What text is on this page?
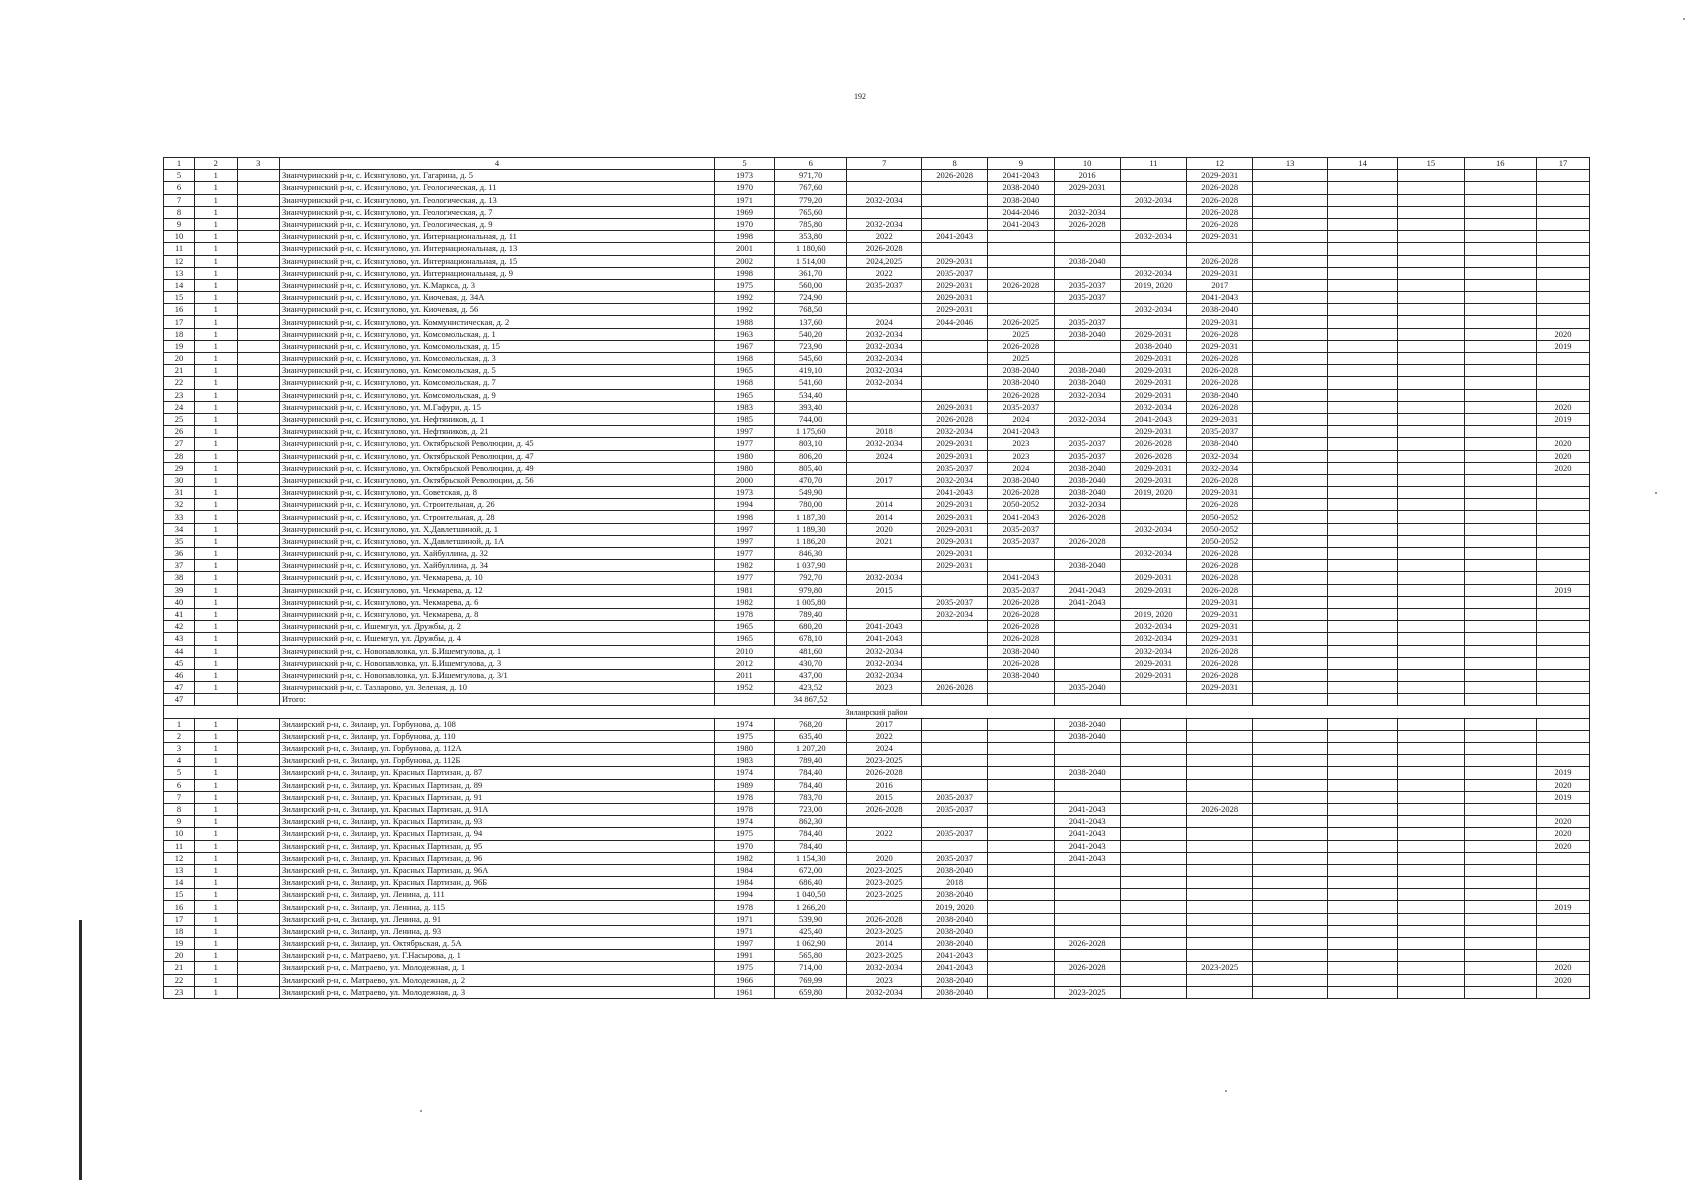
192
1	2	3	4	5	6	7	8	9	10	11	12	13	14	15	16	17
5	1		Зианчуринский р-н, с. Исянгулово, ул. Гагарина, д. 5	1973	971,70		2026-2028	2041-2043	2016		2029-2031					
6	1		Зианчуринский р-н, с. Исянгулово, ул. Геологическая, д. 11	1970	767,60			2038-2040	2029-2031		2026-2028					
7	1		Зианчуринский р-н, с. Исянгулово, ул. Геологическая, д. 13	1971	779,20	2032-2034		2038-2040		2032-2034	2026-2028					
8	1		Зианчуринский р-н, с. Исянгулово, ул. Геологическая, д. 7	1969	765,60			2044-2046	2032-2034		2026-2028					
9	1		Зианчуринский р-н, с. Исянгулово, ул. Геологическая, д. 9	1970	785,80	2032-2034		2041-2043	2026-2028		2026-2028					
10	1		Зианчуринский р-н, с. Исянгулово, ул. Интернациональная, д. 11	1998	353,80	2022	2041-2043			2032-2034	2029-2031					
11	1		Зианчуринский р-н, с. Исянгулово, ул. Интернациональная, д. 13	2001	1 180,60	2026-2028										
12	1		Зианчуринский р-н, с. Исянгулово, ул. Интернациональная, д. 15	2002	1 514,00	2024,2025	2029-2031		2038-2040		2026-2028					
13	1		Зианчуринский р-н, с. Исянгулово, ул. Интернациональная, д. 9	1998	361,70	2022	2035-2037			2032-2034	2029-2031					
14	1		Зианчуринский р-н, с. Исянгулово, ул. К.Маркса, д. 3	1975	560,00	2035-2037	2029-2031	2026-2028	2035-2037	2019, 2020	2017					
15	1		Зианчуринский р-н, с. Исянгулово, ул. Киочевая, д. 34А	1992	724,90		2029-2031		2035-2037		2041-2043					
16	1		Зианчуринский р-н, с. Исянгулово, ул. Киочевая, д. 56	1992	768,50		2029-2031			2032-2034	2038-2040					
17	1		Зианчуринский р-н, с. Исянгулово, ул. Коммунистическая, д. 2	1988	137,60	2024	2044-2046	2026-2025	2035-2037		2029-2031					
18	1		Зианчуринский р-н, с. Исянгулово, ул. Комсомольская, д. 1	1963	540,20	2032-2034		2025	2038-2040	2029-2031	2026-2028					2020
19	1		Зианчуринский р-н, с. Исянгулово, ул. Комсомольская, д. 15	1967	723,90	2032-2034		2026-2028		2038-2040	2029-2031					2019
20	1		Зианчуринский р-н, с. Исянгулово, ул. Комсомольская, д. 3	1968	545,60	2032-2034		2025		2029-2031	2026-2028					
21	1		Зианчуринский р-н, с. Исянгулово, ул. Комсомольская, д. 5	1965	419,10	2032-2034		2038-2040	2038-2040	2029-2031	2026-2028					
22	1		Зианчуринский р-н, с. Исянгулово, ул. Комсомольская, д. 7	1968	541,60	2032-2034		2038-2040	2038-2040	2029-2031	2026-2028					
23	1		Зианчуринский р-н, с. Исянгулово, ул. Комсомольская, д. 9	1965	534,40			2026-2028	2032-2034	2029-2031	2038-2040					
24	1		Зианчуринский р-н, с. Исянгулово, ул. М.Гафури, д. 15	1983	393,40		2029-2031	2035-2037		2032-2034	2026-2028					2020
25	1		Зианчуринский р-н, с. Исянгулово, ул. Нефтяников, д. 1	1985	744,00		2026-2028	2024	2032-2034	2041-2043	2029-2031					2019
26	1		Зианчуринский р-н, с. Исянгулово, ул. Нефтяников, д. 21	1997	1 175,60	2018	2032-2034	2041-2043		2029-2031	2035-2037					
27	1		Зианчуринский р-н, с. Исянгулово, ул. Октябрьской Революции, д. 45	1977	803,10	2032-2034	2029-2031	2023	2035-2037	2026-2028	2038-2040					2020
28	1		Зианчуринский р-н, с. Исянгулово, ул. Октябрьской Революции, д. 47	1980	806,20	2024	2029-2031	2023	2035-2037	2026-2028	2032-2034					2020
29	1		Зианчуринский р-н, с. Исянгулово, ул. Октябрьской Революции, д. 49	1980	805,40		2035-2037	2024	2038-2040	2029-2031	2032-2034					2020
30	1		Зианчуринский р-н, с. Исянгулово, ул. Октябрьской Революции, д. 56	2000	470,70	2017	2032-2034	2038-2040	2038-2040	2029-2031	2026-2028					
31	1		Зианчуринский р-н, с. Исянгулово, ул. Советская, д. 8	1973	549,90		2041-2043	2026-2028	2038-2040	2019, 2020	2029-2031					
32	1		Зианчуринский р-н, с. Исянгулово, ул. Строительная, д. 26	1994	780,00	2014	2029-2031	2050-2052	2032-2034		2026-2028					
33	1		Зианчуринский р-н, с. Исянгулово, ул. Строительная, д. 28	1998	1 187,30	2014	2029-2031	2041-2043	2026-2028		2050-2052					
34	1		Зианчуринский р-н, с. Исянгулово, ул. Х.Давлетшиной, д. 1	1997	1 189,30	2020	2029-2031	2035-2037		2032-2034	2050-2052					
35	1		Зианчуринский р-н, с. Исянгулово, ул. Х.Давлетшиной, д. 1А	1997	1 186,20	2021	2029-2031	2035-2037	2026-2028		2050-2052					
36	1		Зианчуринский р-н, с. Исянгулово, ул. Хайбуллина, д. 32	1977	846,30		2029-2031			2032-2034	2026-2028					
37	1		Зианчуринский р-н, с. Исянгулово, ул. Хайбуллина, д. 34	1982	1 037,90		2029-2031		2038-2040		2026-2028					
38	1		Зианчуринский р-н, с. Исянгулово, ул. Чекмарева, д. 10	1977	792,70	2032-2034		2041-2043		2029-2031	2026-2028					
39	1		Зианчуринский р-н, с. Исянгулово, ул. Чекмарева, д. 12	1981	979,80	2015		2035-2037	2041-2043	2029-2031	2026-2028					2019
40	1		Зианчуринский р-н, с. Исянгулово, ул. Чекмарева, д. 6	1982	1 005,80		2035-2037	2026-2028	2041-2043		2029-2031					
41	1		Зианчуринский р-н, с. Исянгулово, ул. Чекмарева, д. 8	1978	789,40		2032-2034	2026-2028		2019, 2020	2029-2031					
42	1		Зианчуринский р-н, с. Ишемгул, ул. Дружбы, д. 2	1965	680,20	2041-2043		2026-2028		2032-2034	2029-2031					
43	1		Зианчуринский р-н, с. Ишемгул, ул. Дружбы, д. 4	1965	678,10	2041-2043		2026-2028		2032-2034	2029-2031					
44	1		Зианчуринский р-н, с. Новопавловка, ул. Б.Ишемгулова, д. 1	2010	481,60	2032-2034		2038-2040		2032-2034	2026-2028					
45	1		Зианчуринский р-н, с. Новопавловка, ул. Б.Ишемгулова, д. 3	2012	430,70	2032-2034		2026-2028		2029-2031	2026-2028					
46	1		Зианчуринский р-н, с. Новопавловка, ул. Б.Ишемгулова, д. 3/1	2011	437,00	2032-2034		2038-2040		2029-2031	2026-2028					
47	1		Зианчуринский р-н, с. Тазларово, ул. Зеленая, д. 10	1952	423,52	2023	2026-2028		2035-2040		2029-2031					
47			Итого:		34 867,52											
Зилаирский район																
1	1		Зилаирский р-н, с. Зилаир, ул. Горбунова, д. 108	1974	768,20	2017			2038-2040							
2	1		Зилаирский р-н, с. Зилаир, ул. Горбунова, д. 110	1975	635,40	2022			2038-2040							
3	1		Зилаирский р-н, с. Зилаир, ул. Горбунова, д. 112А	1980	1 207,20	2024										
4	1		Зилаирский р-н, с. Зилаир, ул. Горбунова, д. 112Б	1983	789,40	2023-2025										
5	1		Зилаирский р-н, с. Зилаир, ул. Красных Партизан, д. 87	1974	784,40	2026-2028			2038-2040							2019
6	1		Зилаирский р-н, с. Зилаир, ул. Красных Партизан, д. 89	1989	784,40	2016										2020
7	1		Зилаирский р-н, с. Зилаир, ул. Красных Партизан, д. 91	1978	783,70	2015	2035-2037									2019
8	1		Зилаирский р-н, с. Зилаир, ул. Красных Партизан, д. 91А	1978	723,00	2026-2028	2035-2037		2041-2043		2026-2028					
9	1		Зилаирский р-н, с. Зилаир, ул. Красных Партизан, д. 93	1974	862,30				2041-2043							2020
10	1		Зилаирский р-н, с. Зилаир, ул. Красных Партизан, д. 94	1975	784,40	2022	2035-2037		2041-2043							2020
11	1		Зилаирский р-н, с. Зилаир, ул. Красных Партизан, д. 95	1970	784,40				2041-2043							2020
12	1		Зилаирский р-н, с. Зилаир, ул. Красных Партизан, д. 96	1982	1 154,30	2020	2035-2037		2041-2043							
13	1		Зилаирский р-н, с. Зилаир, ул. Красных Партизан, д. 96А	1984	672,00	2023-2025	2038-2040									
14	1		Зилаирский р-н, с. Зилаир, ул. Красных Партизан, д. 96Б	1984	686,40	2023-2025	2018									
15	1		Зилаирский р-н, с. Зилаир, ул. Ленина, д. 111	1994	1 040,50	2023-2025	2038-2040									
16	1		Зилаирский р-н, с. Зилаир, ул. Ленина, д. 115	1978	1 266,20		2019, 2020									2019
17	1		Зилаирский р-н, с. Зилаир, ул. Ленина, д. 91	1971	539,90	2026-2028	2038-2040									
18	1		Зилаирский р-н, с. Зилаир, ул. Ленина, д. 93	1971	425,40	2023-2025	2038-2040									
19	1		Зилаирский р-н, с. Зилаир, ул. Октябрьская, д. 5А	1997	1 062,90	2014	2038-2040		2026-2028							
20	1		Зилаирский р-н, с. Матраево, ул. Г.Насырова, д. 1	1991	565,80	2023-2025	2041-2043									
21	1		Зилаирский р-н, с. Матраево, ул. Молодежная, д. 1	1975	714,00	2032-2034	2041-2043		2026-2028		2023-2025					2020
22	1		Зилаирский р-н, с. Матраево, ул. Молодежная, д. 2	1966	769,99	2023	2038-2040									2020
23	1		Зилаирский р-н, с. Матраево, ул. Молодежная, д. 3	1961	659,80	2032-2034	2038-2040		2023-2025							
